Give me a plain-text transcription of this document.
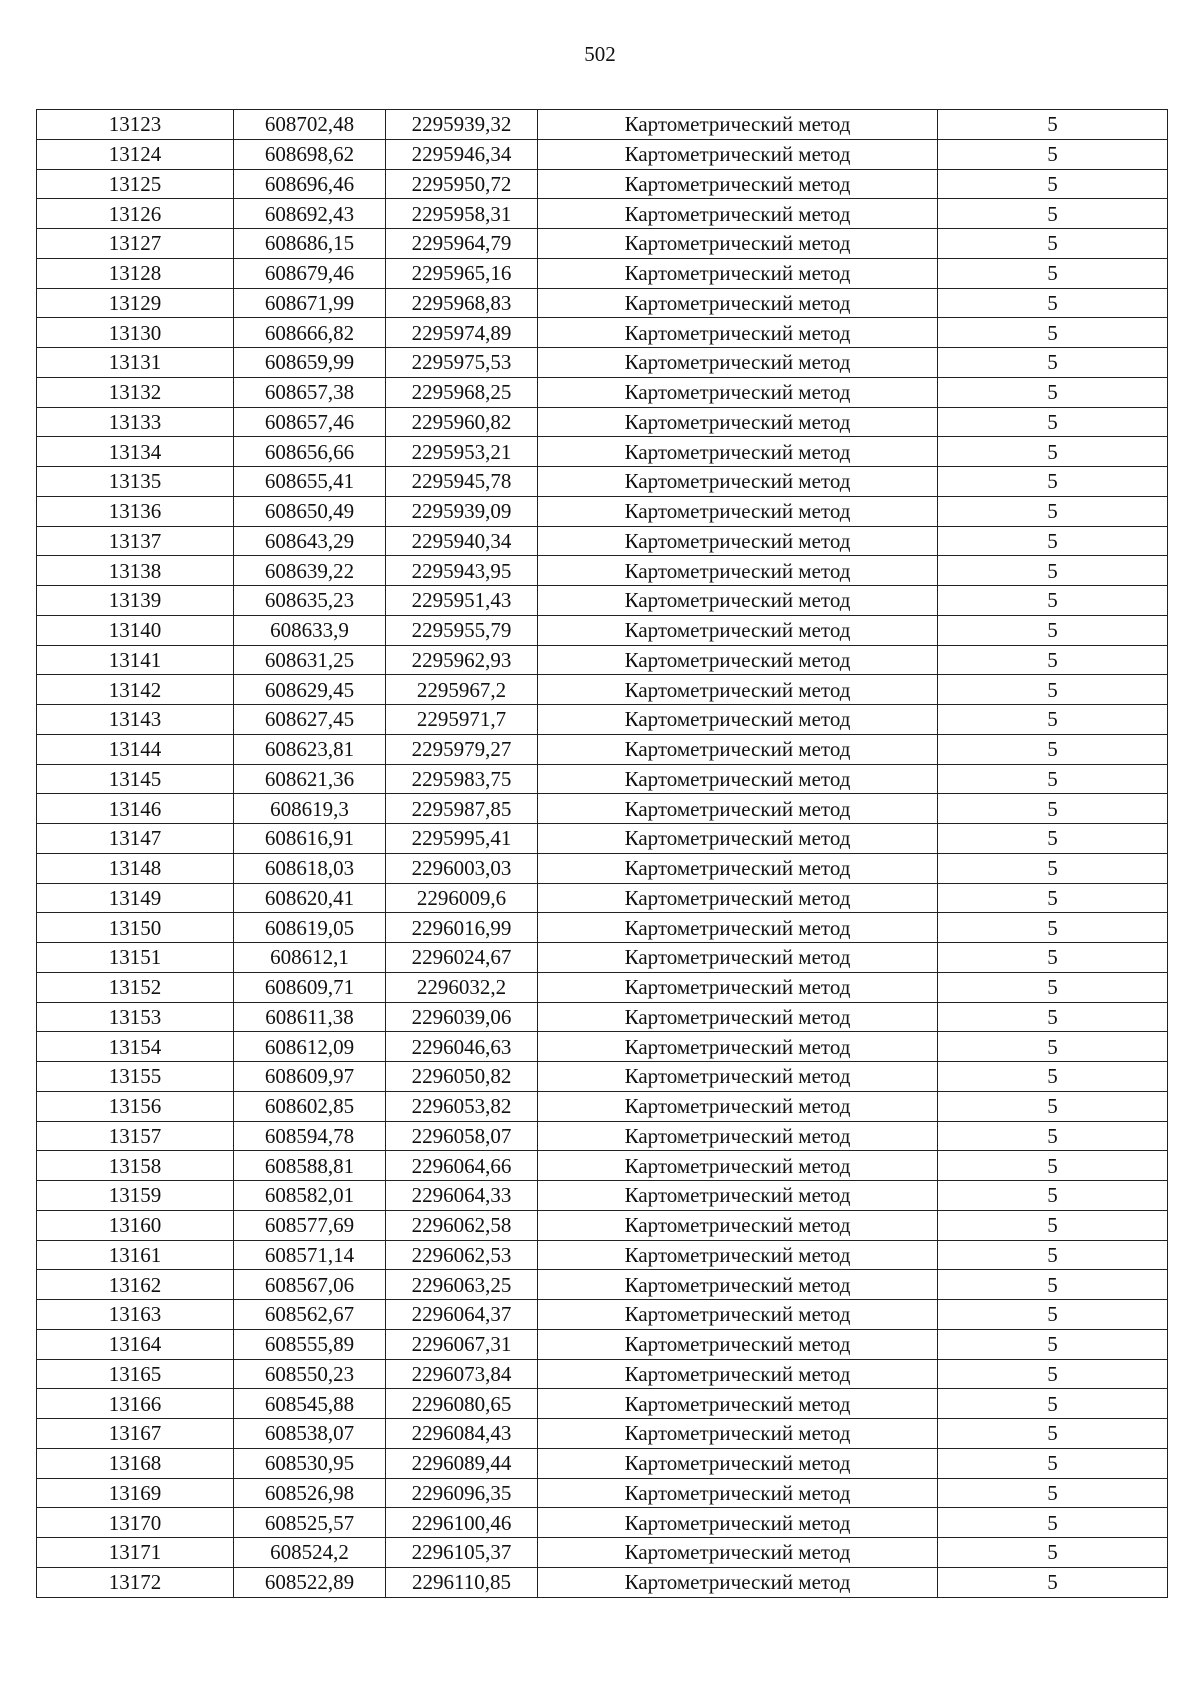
502
13123	608702,48	2295939,32	Картометрический метод	5
13124	608698,62	2295946,34	Картометрический метод	5
13125	608696,46	2295950,72	Картометрический метод	5
13126	608692,43	2295958,31	Картометрический метод	5
13127	608686,15	2295964,79	Картометрический метод	5
13128	608679,46	2295965,16	Картометрический метод	5
13129	608671,99	2295968,83	Картометрический метод	5
13130	608666,82	2295974,89	Картометрический метод	5
13131	608659,99	2295975,53	Картометрический метод	5
13132	608657,38	2295968,25	Картометрический метод	5
13133	608657,46	2295960,82	Картометрический метод	5
13134	608656,66	2295953,21	Картометрический метод	5
13135	608655,41	2295945,78	Картометрический метод	5
13136	608650,49	2295939,09	Картометрический метод	5
13137	608643,29	2295940,34	Картометрический метод	5
13138	608639,22	2295943,95	Картометрический метод	5
13139	608635,23	2295951,43	Картометрический метод	5
13140	608633,9	2295955,79	Картометрический метод	5
13141	608631,25	2295962,93	Картометрический метод	5
13142	608629,45	2295967,2	Картометрический метод	5
13143	608627,45	2295971,7	Картометрический метод	5
13144	608623,81	2295979,27	Картометрический метод	5
13145	608621,36	2295983,75	Картометрический метод	5
13146	608619,3	2295987,85	Картометрический метод	5
13147	608616,91	2295995,41	Картометрический метод	5
13148	608618,03	2296003,03	Картометрический метод	5
13149	608620,41	2296009,6	Картометрический метод	5
13150	608619,05	2296016,99	Картометрический метод	5
13151	608612,1	2296024,67	Картометрический метод	5
13152	608609,71	2296032,2	Картометрический метод	5
13153	608611,38	2296039,06	Картометрический метод	5
13154	608612,09	2296046,63	Картометрический метод	5
13155	608609,97	2296050,82	Картометрический метод	5
13156	608602,85	2296053,82	Картометрический метод	5
13157	608594,78	2296058,07	Картометрический метод	5
13158	608588,81	2296064,66	Картометрический метод	5
13159	608582,01	2296064,33	Картометрический метод	5
13160	608577,69	2296062,58	Картометрический метод	5
13161	608571,14	2296062,53	Картометрический метод	5
13162	608567,06	2296063,25	Картометрический метод	5
13163	608562,67	2296064,37	Картометрический метод	5
13164	608555,89	2296067,31	Картометрический метод	5
13165	608550,23	2296073,84	Картометрический метод	5
13166	608545,88	2296080,65	Картометрический метод	5
13167	608538,07	2296084,43	Картометрический метод	5
13168	608530,95	2296089,44	Картометрический метод	5
13169	608526,98	2296096,35	Картометрический метод	5
13170	608525,57	2296100,46	Картометрический метод	5
13171	608524,2	2296105,37	Картометрический метод	5
13172	608522,89	2296110,85	Картометрический метод	5
